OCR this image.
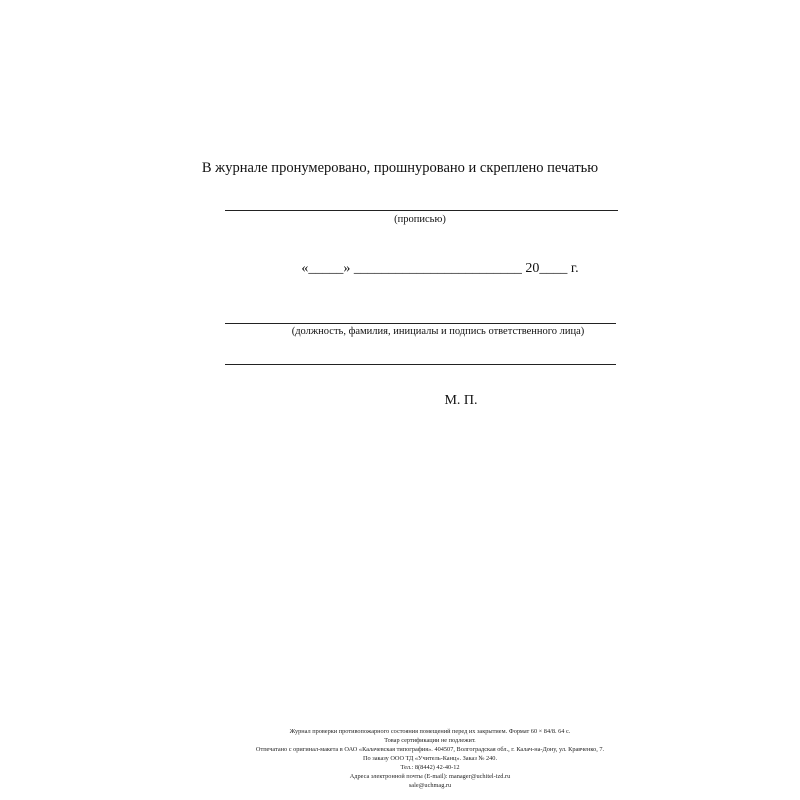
В журнале пронумеровано, прошнуровано и скреплено печатью
(прописью)
«_____» ________________________ 20____ г.
(должность, фамилия, инициалы и подпись ответственного лица)
М. П.
Журнал проверки противопожарного состояния помещений перед их закрытием. Формат 60 × 84/8. 64 с.
Товар сертификации не подлежит.
Отпечатано с оригинал-макета в ОАО «Калачевская типография». 404507, Волгоградская обл., г. Калач-на-Дону, ул. Кравченко, 7.
По заказу ООО ТД «Учитель-Канц». Заказ № 240.
Тел.: 8(8442) 42-40-12
Адреса электронной почты (E-mail): manager@uchitel-izd.ru
sale@uchmag.ru
